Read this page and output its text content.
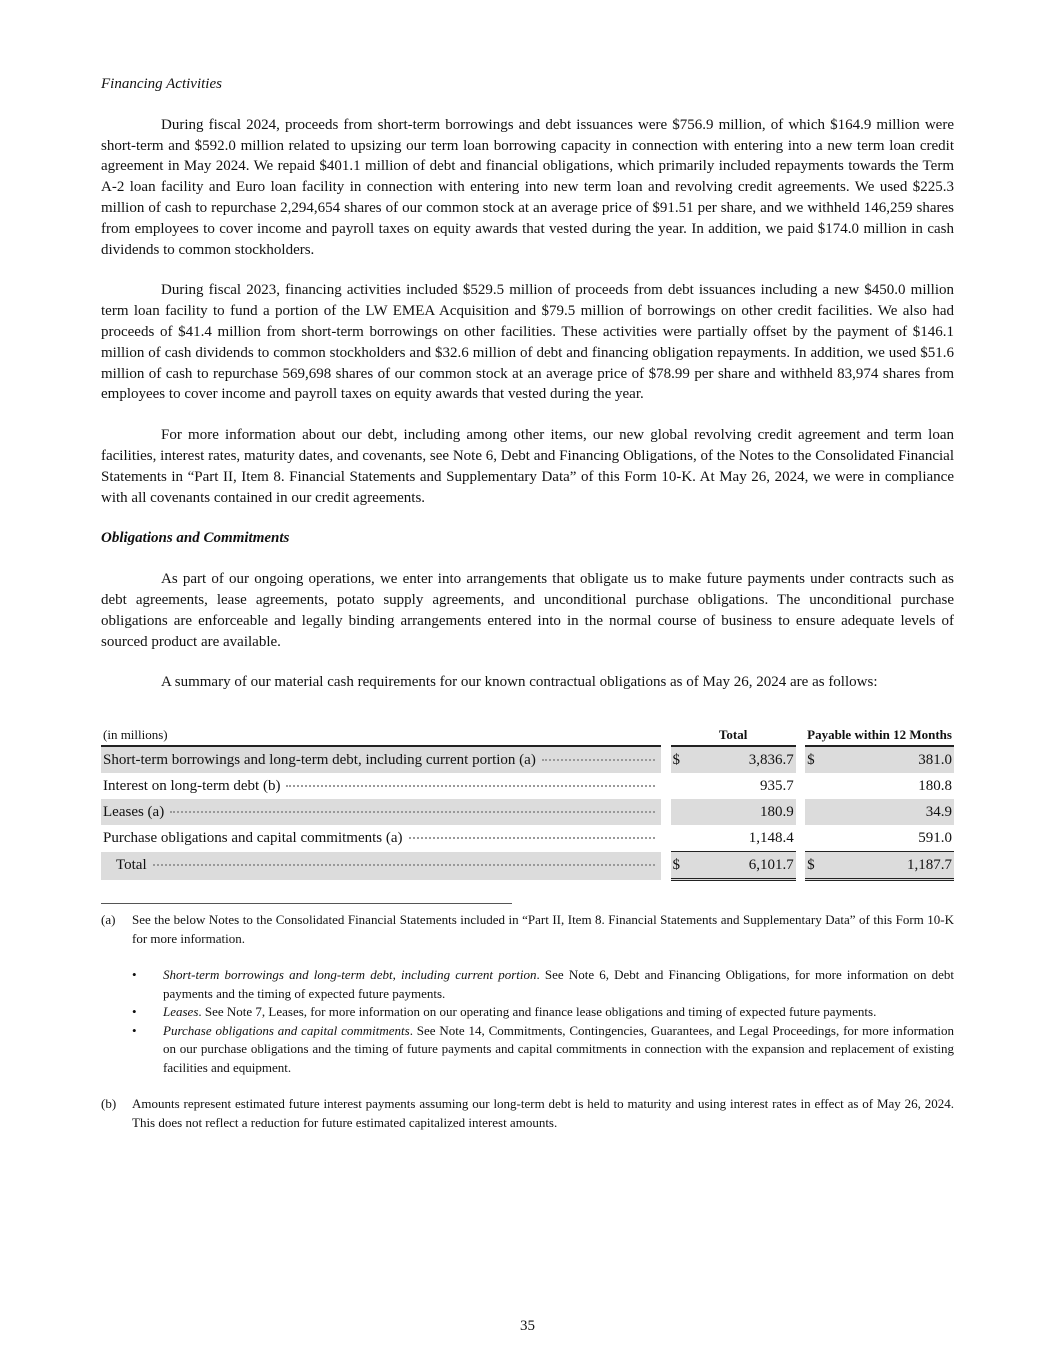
Financing Activities

During fiscal 2024, proceeds from short-term borrowings and debt issuances were $756.9 million, of which $164.9 million were short-term and $592.0 million related to upsizing our term loan borrowing capacity in connection with entering into a new term loan credit agreement in May 2024. We repaid $401.1 million of debt and financial obligations, which primarily included repayments towards the Term A-2 loan facility and Euro loan facility in connection with entering into new term loan and revolving credit agreements. We used $225.3 million of cash to repurchase 2,294,654 shares of our common stock at an average price of $91.51 per share, and we withheld 146,259 shares from employees to cover income and payroll taxes on equity awards that vested during the year. In addition, we paid $174.0 million in cash dividends to common stockholders.

During fiscal 2023, financing activities included $529.5 million of proceeds from debt issuances including a new $450.0 million term loan facility to fund a portion of the LW EMEA Acquisition and $79.5 million of borrowings on other credit facilities. We also had proceeds of $41.4 million from short-term borrowings on other facilities. These activities were partially offset by the payment of $146.1 million of cash dividends to common stockholders and $32.6 million of debt and financing obligation repayments. In addition, we used $51.6 million of cash to repurchase 569,698 shares of our common stock at an average price of $78.99 per share and withheld 83,974 shares from employees to cover income and payroll taxes on equity awards that vested during the year.

For more information about our debt, including among other items, our new global revolving credit agreement and term loan facilities, interest rates, maturity dates, and covenants, see Note 6, Debt and Financing Obligations, of the Notes to the Consolidated Financial Statements in “Part II, Item 8. Financial Statements and Supplementary Data” of this Form 10-K. At May 26, 2024, we were in compliance with all covenants contained in our credit agreements.

Obligations and Commitments

As part of our ongoing operations, we enter into arrangements that obligate us to make future payments under contracts such as debt agreements, lease agreements, potato supply agreements, and unconditional purchase obligations. The unconditional purchase obligations are enforceable and legally binding arrangements entered into in the normal course of business to ensure adequate levels of sourced product are available.

A summary of our material cash requirements for our known contractual obligations as of May 26, 2024 are as follows:

(in millions)		Total			Payable within 12 Months	

Short-term borrowings and long-term debt, including current portion (a)		$	3,836.7		$	381.0

Interest on long-term debt (b)			935.7			180.8

Leases (a)			180.9			34.9

Purchase obligations and capital commitments (a)			1,148.4			591.0

Total		$	6,101.7		$	1,187.7
(a)	See the below Notes to the Consolidated Financial Statements included in “Part II, Item 8. Financial Statements and Supplementary Data” of this Form 10-K for more information.

•	Short-term borrowings and long-term debt, including current portion. See Note 6, Debt and Financing Obligations, for more information on debt payments and the timing of expected future payments.

•	Leases. See Note 7, Leases, for more information on our operating and finance lease obligations and timing of expected future payments.

•	Purchase obligations and capital commitments. See Note 14, Commitments, Contingencies, Guarantees, and Legal Proceedings, for more information on our purchase obligations and the timing of future payments and capital commitments in connection with the expansion and replacement of existing facilities and equipment.

(b)	Amounts represent estimated future interest payments assuming our long-term debt is held to maturity and using interest rates in effect as of May 26, 2024. This does not reflect a reduction for future estimated capitalized interest amounts.

35
